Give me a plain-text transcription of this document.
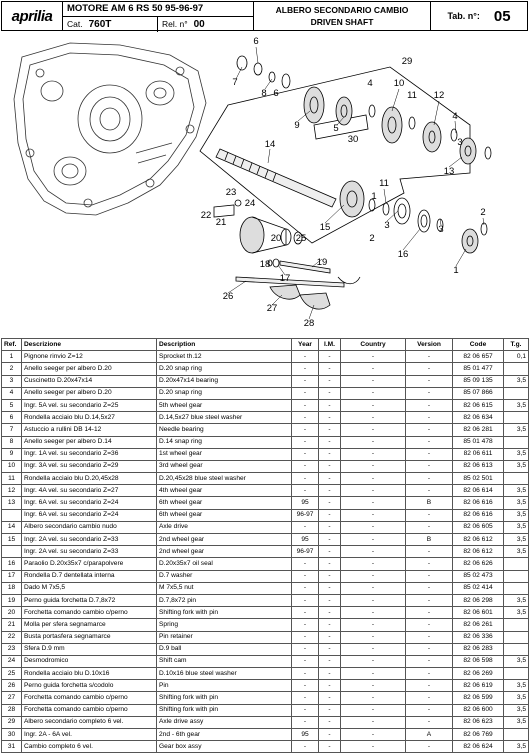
aprilia	MOTORE AM 6 RS 50 95-96-97
Cat. 760T	Rel. n° 00
ALBERO SECONDARIO CAMBIO
DRIVEN SHAFT
Tab. n°: 05
6
7
8 6
29
4 10
11 12
9	5
30
4
3
14
13
11
1
23
22
24
21	15
2
3	3
2
20 25
16
18	19
17
1
26
27
28
Ref.	Descrizione	Description	Year	I.M.	Country	Version	Code	T.g.
1	Pignone rinvio Z=12	Sprocket th.12	-	-	-	-	82 06 657	0,1
2	Anello seeger per albero D.20	D.20 snap ring	-	-	-	-	85 01 477	
3	Cuscinetto D.20x47x14	D.20x47x14 bearing	-	-	-	-	85 09 135	3,5
4	Anello seeger per albero D.20	D.20 snap ring	-	-	-	-	85 07 866	
5	Ingr. 5A vel. su secondario Z=25	5th wheel gear	-	-	-	-	82 06 615	3,5
6	Rondella acciaio blu D.14,5x27	D.14,5x27 blue steel washer	-	-	-	-	82 06 634	
7	Astuccio a rullini DB 14-12	Needle bearing	-	-	-	-	82 06 281	3,5
8	Anello seeger per albero D.14	D.14 snap ring	-	-	-	-	85 01 478	
9	Ingr. 1A vel. su secondario Z=36	1st wheel gear	-	-	-	-	82 06 611	3,5
10	Ingr. 3A vel. su secondario Z=29	3rd wheel gear	-	-	-	-	82 06 613	3,5
11	Rondella acciaio blu D.20,45x28	D.20,45x28 blue steel washer	-	-	-	-	85 02 501	
12	Ingr. 4A vel. su secondario Z=27	4th wheel gear	-	-	-	-	82 06 614	3,5
13	Ingr. 6A vel. su secondario Z=24	6th wheel gear	95	-	-	B	82 06 616	3,5
	Ingr. 6A vel. su secondario Z=24	6th wheel gear	96-97	-	-	-	82 06 616	3,5
14	Albero secondario cambio nudo	Axle drive	-	-	-	-	82 06 605	3,5
15	Ingr. 2A vel. su secondario Z=33	2nd wheel gear	95	-	-	B	82 06 612	3,5
	Ingr. 2A vel. su secondario Z=33	2nd wheel gear	96-97	-	-	-	82 06 612	3,5
16	Paraolio D.20x35x7 c/parapolvere	D.20x35x7 oil seal	-	-	-	-	82 06 626	
17	Rondella D.7 dentellata interna	D.7 washer	-	-	-	-	85 02 473	
18	Dado M 7x5,5	M 7x5,5 nut	-	-	-	-	85 02 414	
19	Perno guida forchetta D.7,8x72	D.7,8x72 pin	-	-	-	-	82 06 298	3,5
20	Forchetta comando cambio c/perno	Shifting fork with pin	-	-	-	-	82 06 601	3,5
21	Molla per sfera segnamarce	Spring	-	-	-	-	82 06 261	
22	Busta portasfera segnamarce	Pin retainer	-	-	-	-	82 06 336	
23	Sfera D.9 mm	D.9 ball	-	-	-	-	82 06 283	
24	Desmodromico	Shift cam	-	-	-	-	82 06 598	3,5
25	Rondella acciaio blu D.10x16	D.10x16 blue steel washer	-	-	-	-	82 06 269	
26	Perno guida forchetta s/codolo	Pin	-	-	-	-	82 06 619	3,5
27	Forchetta comando cambio c/perno	Shifting fork with pin	-	-	-	-	82 06 599	3,5
28	Forchetta comando cambio c/perno	Shifting fork with pin	-	-	-	-	82 06 600	3,5
29	Albero secondario completo 6 vel.	Axle drive assy	-	-	-	-	82 06 623	3,5
30	Ingr. 2A - 6A vel.	2nd - 6th gear	95	-	-	A	82 06 769	
31	Cambio completo 6 vel.	Gear box assy	-	-	-	-	82 06 624	3,5
